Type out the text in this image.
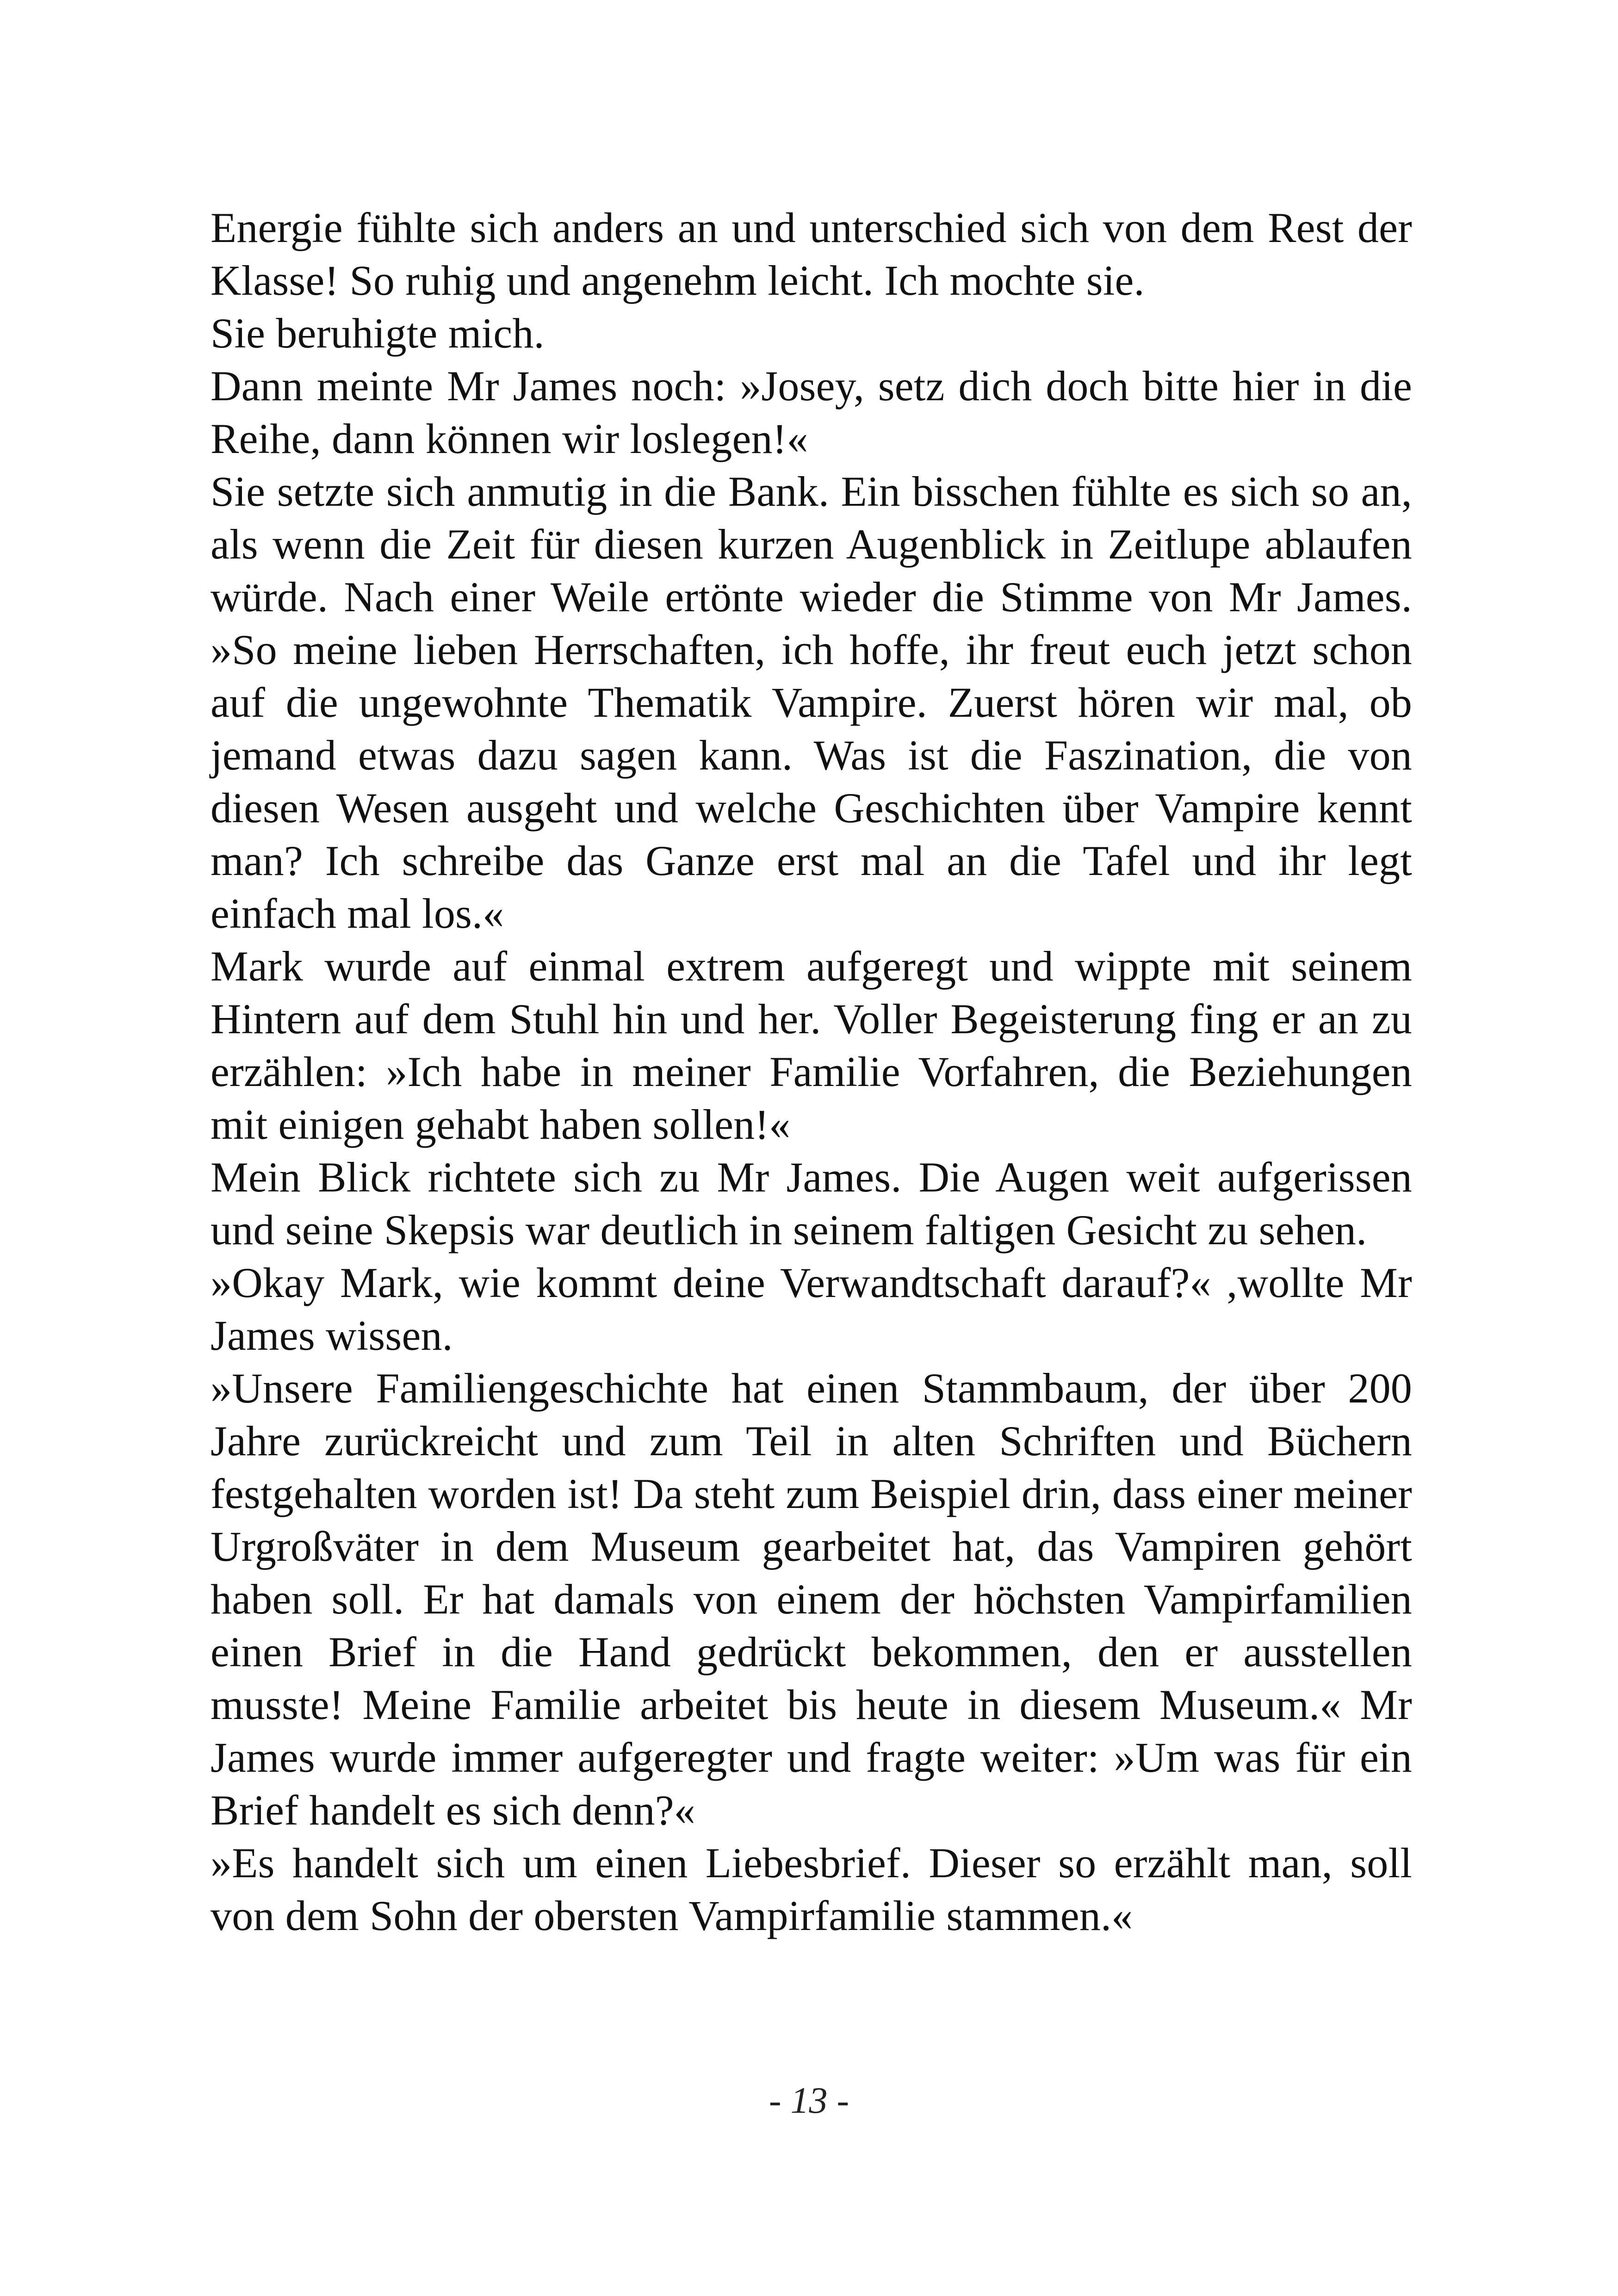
Energie fühlte sich anders an und unterschied sich von dem Rest der Klasse! So ruhig und angenehm leicht. Ich mochte sie.

Sie beruhigte mich.

Dann meinte Mr James noch: »Josey, setz dich doch bitte hier in die Reihe, dann können wir loslegen!«

Sie setzte sich anmutig in die Bank. Ein bisschen fühlte es sich so an, als wenn die Zeit für diesen kurzen Augenblick in Zeitlupe ablaufen würde. Nach einer Weile ertönte wieder die Stimme von Mr James. »So meine lieben Herrschaften, ich hoffe, ihr freut euch jetzt schon auf die ungewohnte Thematik Vampire. Zuerst hören wir mal, ob jemand etwas dazu sagen kann. Was ist die Faszination, die von diesen Wesen ausgeht und welche Geschichten über Vampire kennt man? Ich schreibe das Ganze erst mal an die Tafel und ihr legt einfach mal los.«

Mark wurde auf einmal extrem aufgeregt und wippte mit seinem Hintern auf dem Stuhl hin und her. Voller Begeisterung fing er an zu erzählen: »Ich habe in meiner Familie Vorfahren, die Beziehungen mit einigen gehabt haben sollen!«

Mein Blick richtete sich zu Mr James. Die Augen weit aufgerissen und seine Skepsis war deutlich in seinem faltigen Gesicht zu sehen.

»Okay Mark, wie kommt deine Verwandtschaft darauf?« ,wollte Mr James wissen.

»Unsere Familiengeschichte hat einen Stammbaum, der über 200 Jahre zurückreicht und zum Teil in alten Schriften und Büchern festgehalten worden ist! Da steht zum Beispiel drin, dass einer meiner Urgroßväter in dem Museum gearbeitet hat, das Vampiren gehört haben soll. Er hat damals von einem der höchsten Vampirfamilien einen Brief in die Hand gedrückt bekommen, den er ausstellen musste! Meine Familie arbeitet bis heute in diesem Museum.« Mr James wurde immer aufgeregter und fragte weiter: »Um was für ein Brief handelt es sich denn?«

»Es handelt sich um einen Liebesbrief. Dieser so erzählt man, soll von dem Sohn der obersten Vampirfamilie stammen.«

- 13 -
